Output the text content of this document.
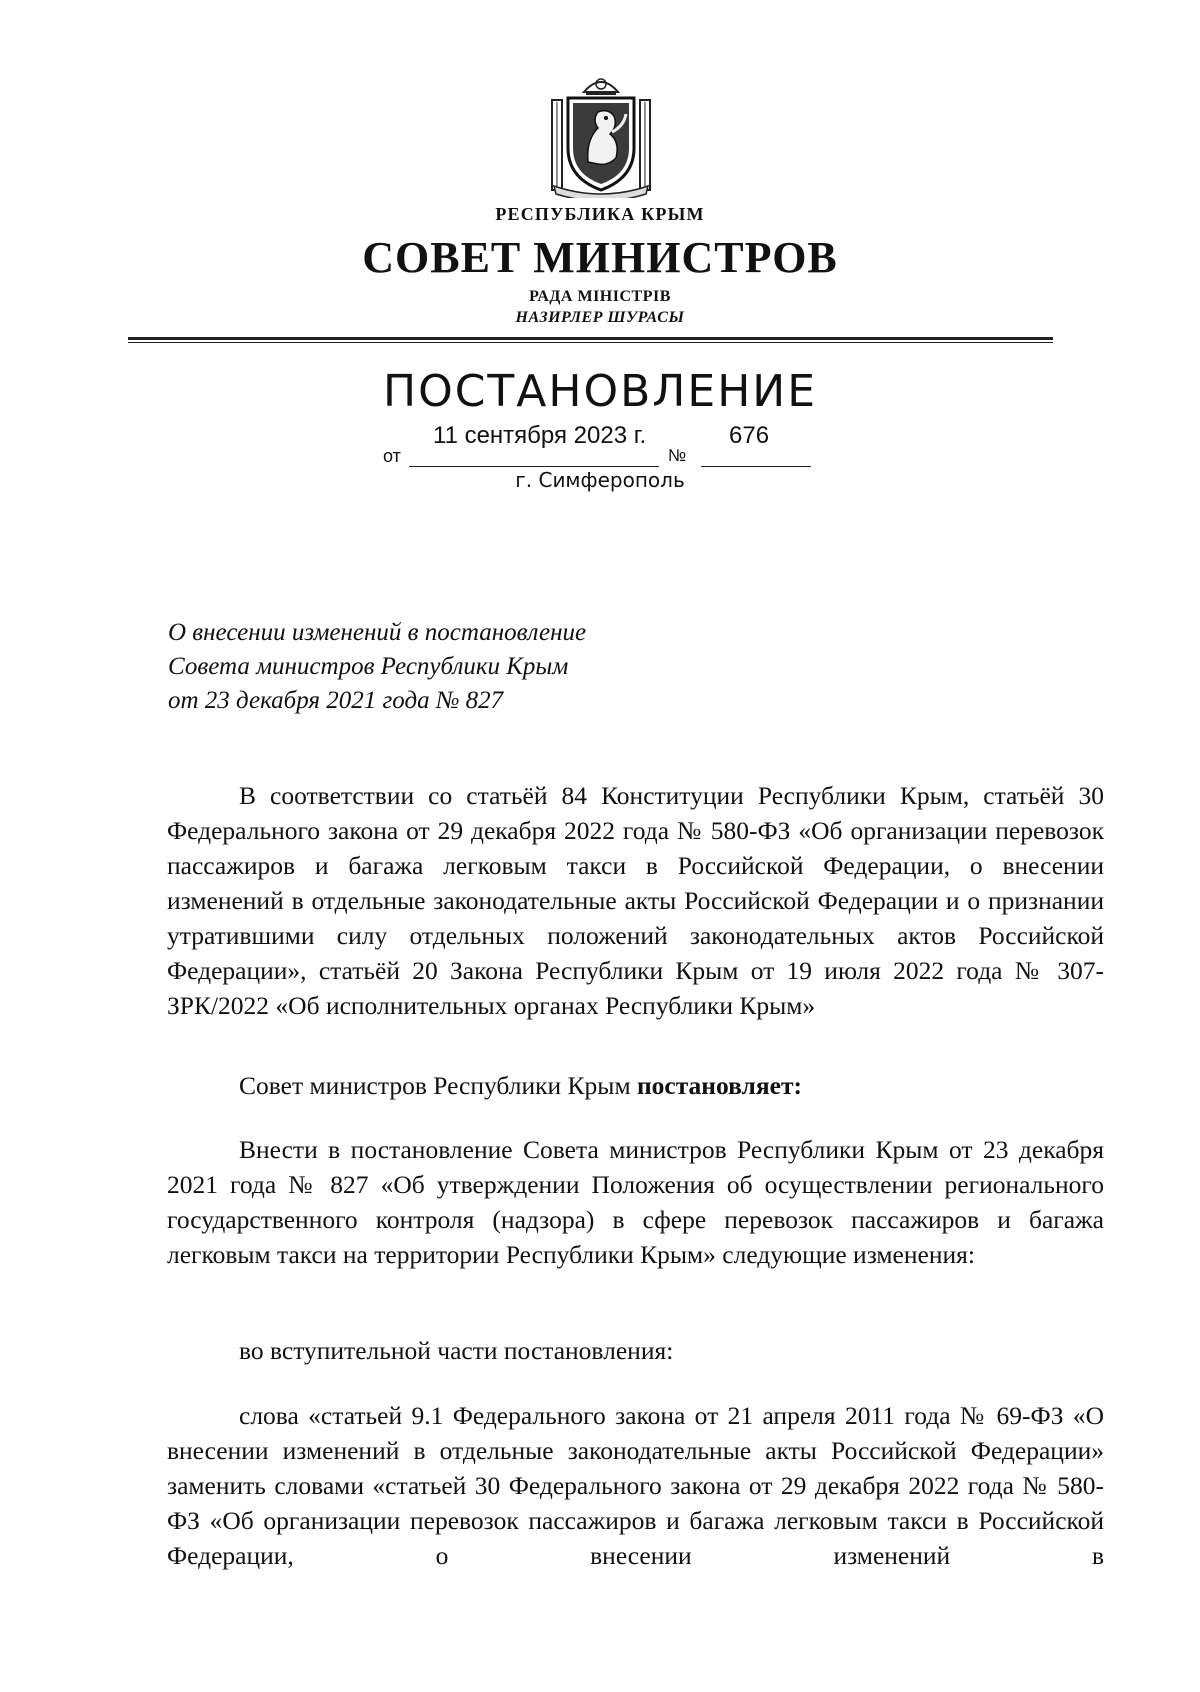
РЕСПУБЛИКА КРЫМ
СОВЕТ МИНИСТРОВ
РАДА МІНІСТРІВ
НАЗИРЛЕР ШУРАСЫ
ПОСТАНОВЛЕНИЕ
от
11 сентября 2023 г.
№
676
г. Симферополь
О внесении изменений в постановление
Совета министров Республики Крым
от 23 декабря 2021 года № 827
В соответствии со статьёй 84 Конституции Республики Крым, статьёй 30 Федерального закона от 29 декабря 2022 года № 580-ФЗ «Об организации перевозок пассажиров и багажа легковым такси в Российской Федерации, о внесении изменений в отдельные законодательные акты Российской Федерации и о признании утратившими силу отдельных положений законодательных актов Российской Федерации», статьёй 20 Закона Республики Крым от 19 июля 2022 года № 307-ЗРК/2022 «Об исполнительных органах Республики Крым»
Совет министров Республики Крым постановляет:
Внести в постановление Совета министров Республики Крым от 23 декабря 2021 года № 827 «Об утверждении Положения об осуществлении регионального государственного контроля (надзора) в сфере перевозок пассажиров и багажа легковым такси на территории Республики Крым» следующие изменения:
во вступительной части постановления:
слова «статьей 9.1 Федерального закона от 21 апреля 2011 года № 69-ФЗ «О внесении изменений в отдельные законодательные акты Российской Федерации» заменить словами «статьей 30 Федерального закона от 29 декабря 2022 года № 580-ФЗ «Об организации перевозок пассажиров и багажа легковым такси в Российской Федерации, о внесении изменений в
